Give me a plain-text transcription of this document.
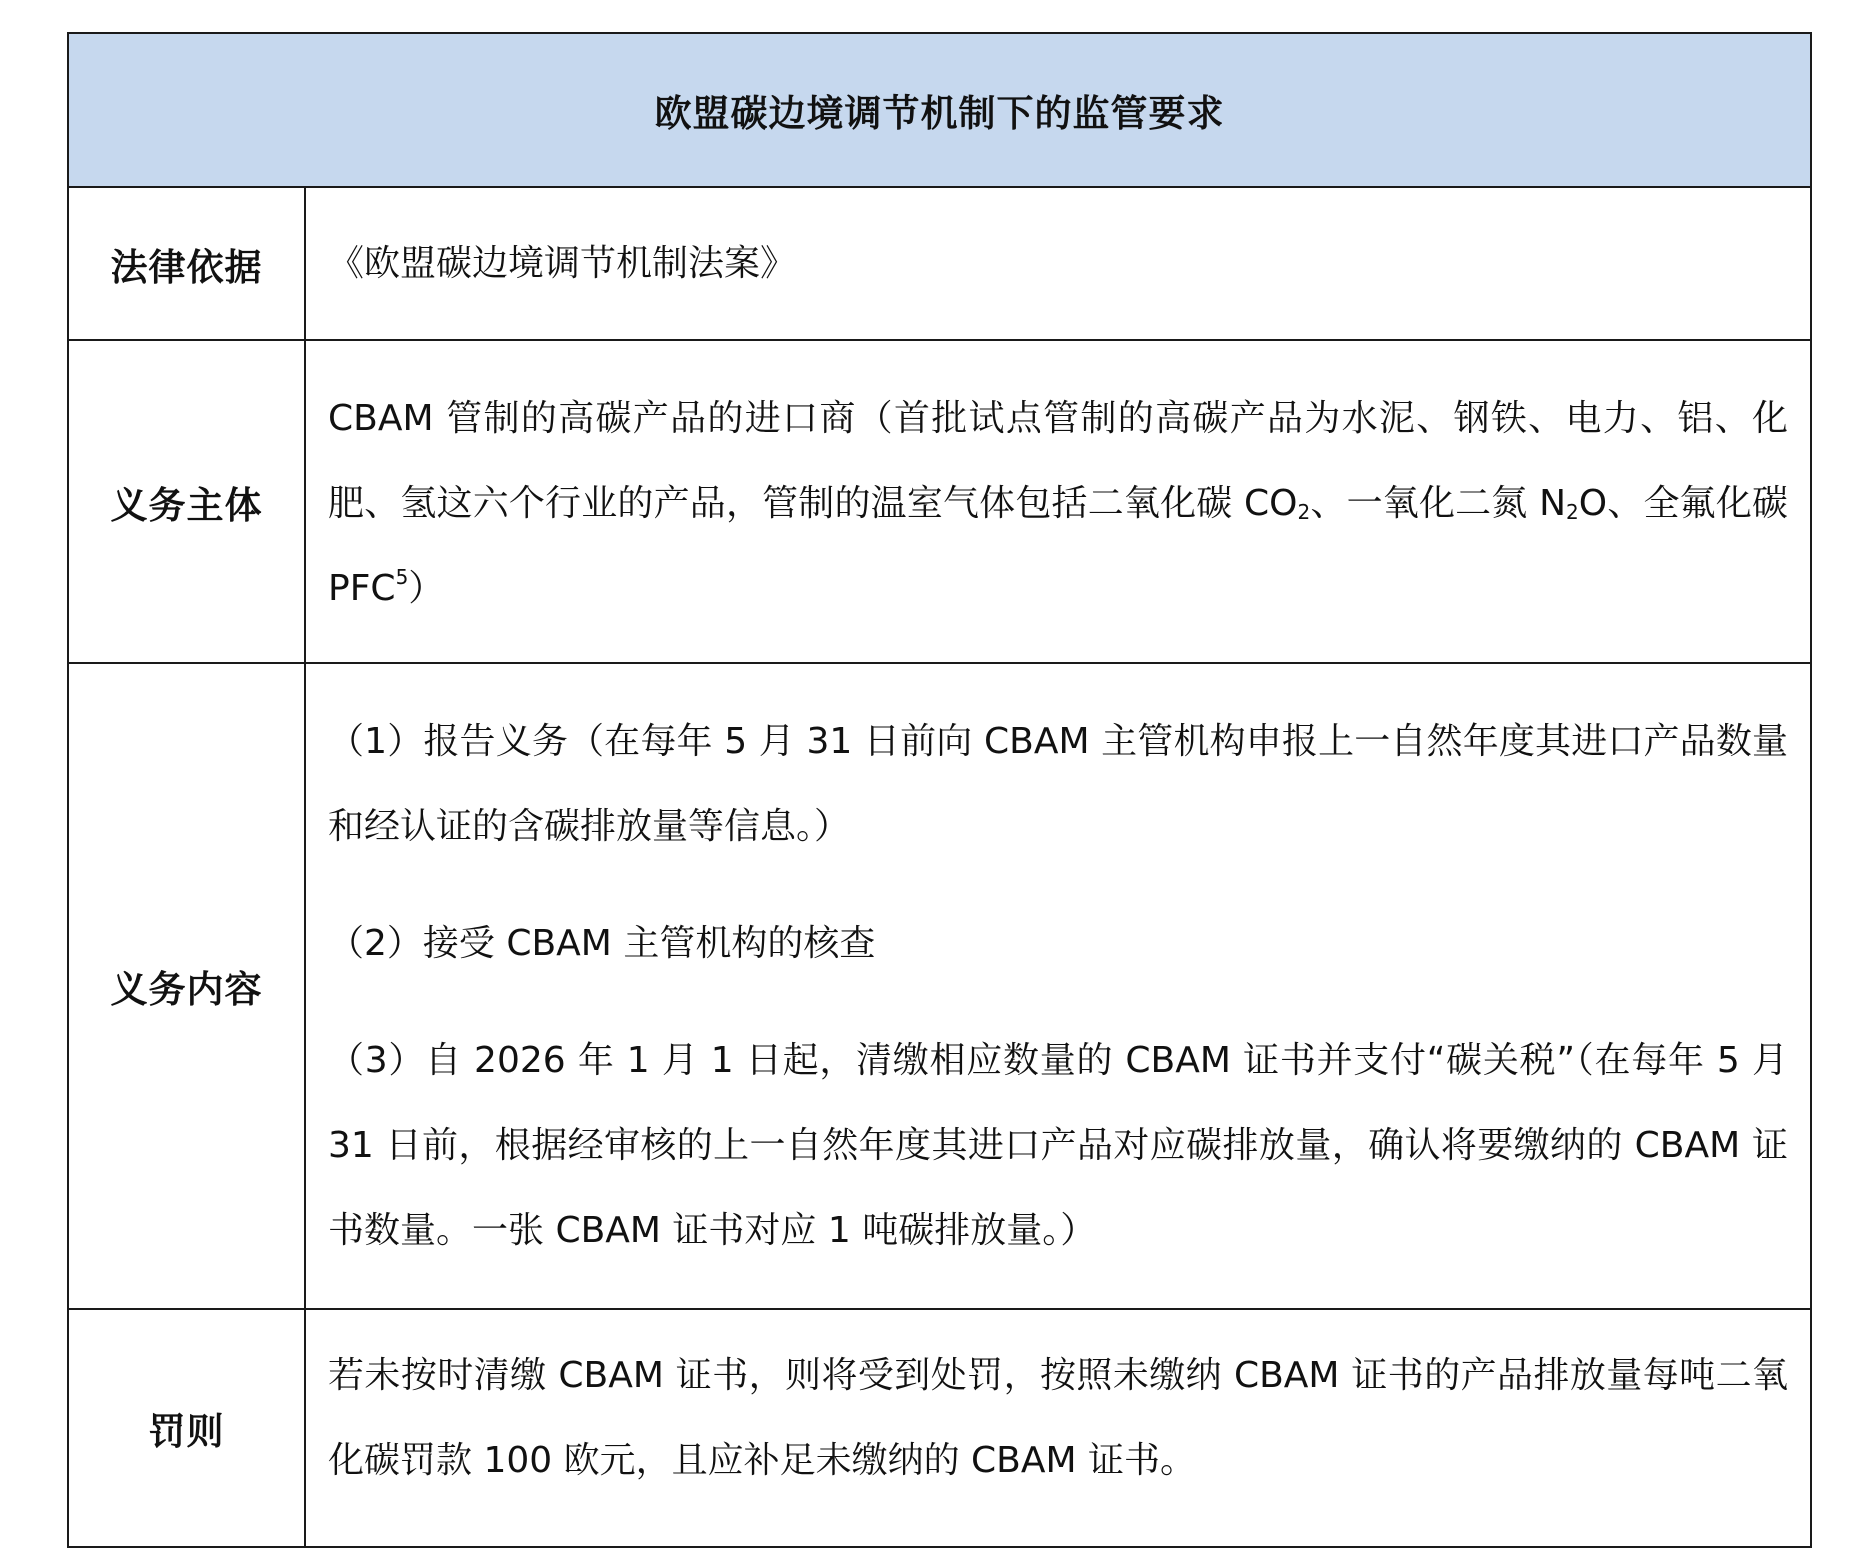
欧盟碳边境调节机制下的监管要求	
法律依据	《欧盟碳边境调节机制法案》
义务主体	CBAM 管制的高碳产品的进口商（首批试点管制的高碳产品为水泥、钢铁、电力、铝、化肥、氢这六个行业的产品，管制的温室气体包括二氧化碳 $CO_2$、一氧化二氮 $N_2O$、全氟化碳 PFC$^5$）

义务内容	（1）报告义务（在每年 5 月 31 日前向 CBAM 主管机构申报上一自然年度其进口产品数量和经认证的含碳排放量等信息。）

（2）接受 CBAM 主管机构的核查

（3）自 2026 年 1 月 1 日起，清缴相应数量的 CBAM 证书并支付“碳关税”（在每年 5 月 31 日前，根据经审核的上一自然年度其进口产品对应碳排放量，确认将要缴纳的 CBAM 证书数量。一张 CBAM 证书对应 1 吨碳排放量。）

罚则	若未按时清缴 CBAM 证书，则将受到处罚，按照未缴纳 CBAM 证书的产品排放量每吨二氧化碳罚款 100 欧元，且应补足未缴纳的 CBAM 证书。
